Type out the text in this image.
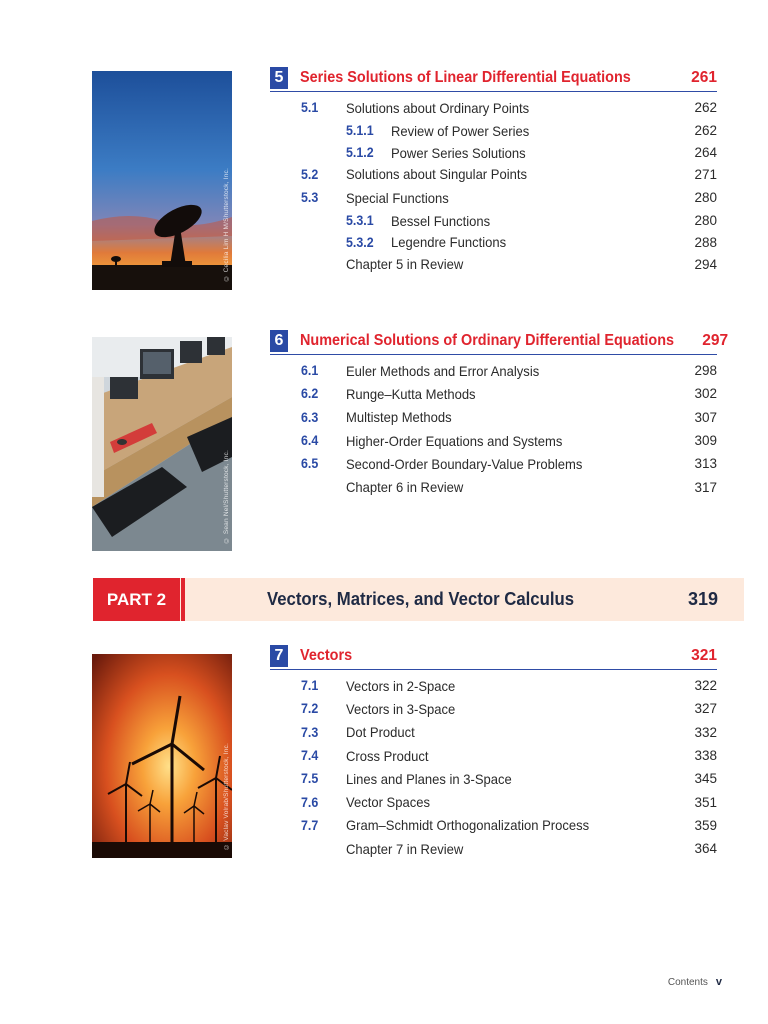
© Cecilia Lim H M/Shutterstock, Inc.
© Sean Nel/Shutterstock, Inc.
© Vaclav Volrab/Shutterstock, Inc.
5 Series Solutions of Linear Differential Equations	261
5.1 Solutions about Ordinary Points	262
5.1.1 Review of Power Series	262
5.1.2 Power Series Solutions	264
5.2 Solutions about Singular Points	271
5.3 Special Functions	280
5.3.1 Bessel Functions	280
5.3.2 Legendre Functions	288
Chapter 5 in Review	294
6 Numerical Solutions of Ordinary Differential Equations 297
6.1 Euler Methods and Error Analysis	298
6.2 Runge–Kutta Methods	302
6.3 Multistep Methods	307
6.4 Higher-Order Equations and Systems	309
6.5 Second-Order Boundary-Value Problems	313
Chapter 6 in Review	317
PART 2	Vectors, Matrices, and Vector Calculus	319
7 Vectors	321
7.1 Vectors in 2-Space	322
7.2 Vectors in 3-Space	327
7.3 Dot Product	332
7.4 Cross Product	338
7.5 Lines and Planes in 3-Space	345
7.6 Vector Spaces	351
7.7 Gram–Schmidt Orthogonalization Process	359
Chapter 7 in Review	364
Contents v
